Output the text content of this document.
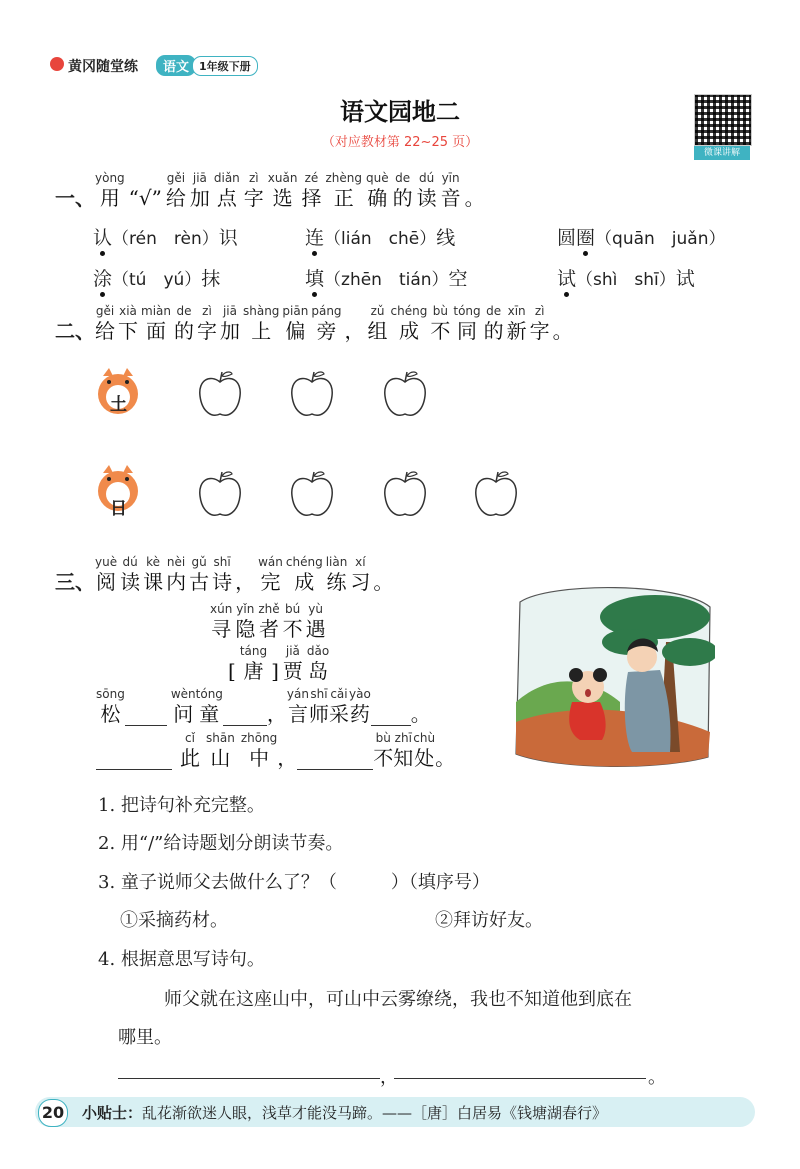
黄冈随堂练	语文 1年级下册
语文园地二
（对应教材第 22~25 页）
微课讲解
一、
yòng
用 “√”
gěi
给
jiā
加
diǎn
点
zì
字
xuǎn
选
zé
择
zhèng
正
què
确
de
的
dú
读
yīn
音 。
认（rén　rèn）识	连（lián　chē）线	圆圈（quān　juǎn）
涂（tú　yú）抹	填（zhēn　tián）空	试（shì　shī）试
二、
gěi
给
xià
下
miàn
面
de
的
zì
字
jiā
加
shàng
上
piān
偏
páng
旁 ，
zǔ
组
chéng
成
bù
不
tóng
同
de
的
xīn
新
zì
字 。
土
日
三、
yuè
阅
dú
读
kè
课
nèi
内
gǔ
古
shī
诗 ，
wán
完
chéng
成
liàn
练
xí
习 。
xún
寻
yǐn
隐
zhě
者
bú
不
yù
遇
[
táng
唐 ]
jiǎ
贾
dǎo
岛
sōng
松
wèn
问
tóng
童 ，
yán
言
shī
师
cǎi
采
yào
药 。
cǐ
此
shān
山
zhōng
中 ，
bù
不
zhī
知
chù
处 。
1. 把诗句补充完整。
2. 用“/”给诗题划分朗读节奏。
3. 童子说师父去做什么了？（　　　）（填序号）
①采摘药材。	②拜访好友。
4. 根据意思写诗句。
师父就在这座山中，可山中云雾缭绕，我也不知道他到底在
哪里。
，	。
20 小贴士：乱花渐欲迷人眼，浅草才能没马蹄。——［唐］白居易《钱塘湖春行》
